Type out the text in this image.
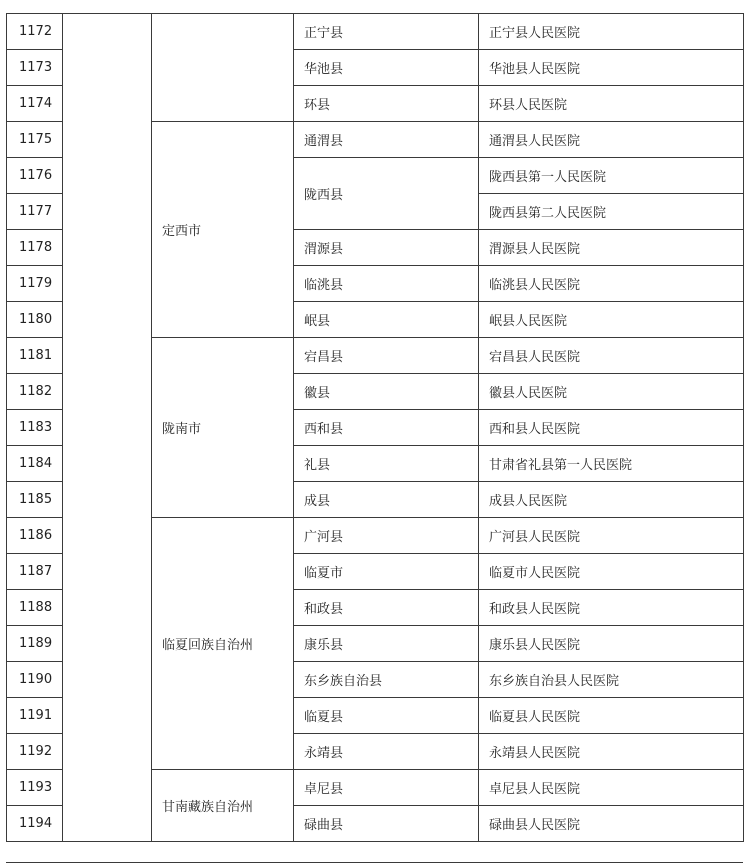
1172			正宁县	正宁县人民医院
1173			华池县	华池县人民医院
1174			环县	环县人民医院
1175		定西市	通渭县	通渭县人民医院
1176			陇西县	陇西县第一人民医院
1177				陇西县第二人民医院
1178			渭源县	渭源县人民医院
1179			临洮县	临洮县人民医院
1180			岷县	岷县人民医院
1181		陇南市	宕昌县	宕昌县人民医院
1182			徽县	徽县人民医院
1183			西和县	西和县人民医院
1184			礼县	甘肃省礼县第一人民医院
1185			成县	成县人民医院
1186		临夏回族自治州	广河县	广河县人民医院
1187			临夏市	临夏市人民医院
1188			和政县	和政县人民医院
1189			康乐县	康乐县人民医院
1190			东乡族自治县	东乡族自治县人民医院
1191			临夏县	临夏县人民医院
1192			永靖县	永靖县人民医院
1193		甘南藏族自治州	卓尼县	卓尼县人民医院
1194			碌曲县	碌曲县人民医院
